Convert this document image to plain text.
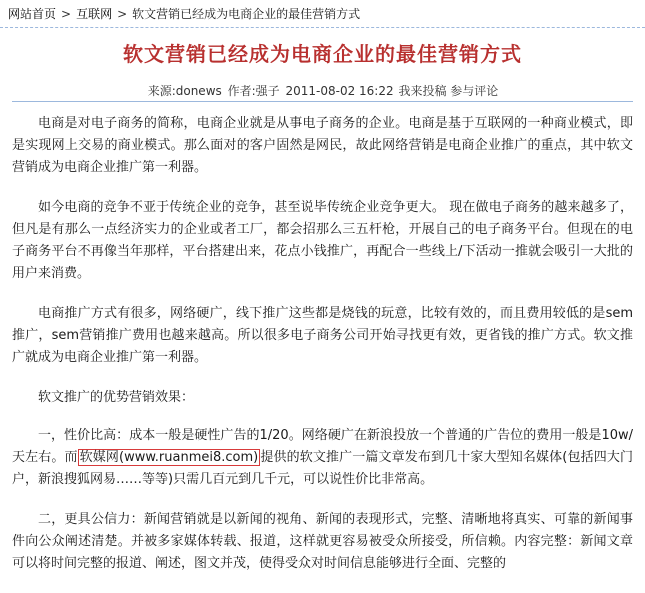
网站首页 > 互联网 > 软文营销已经成为电商企业的最佳营销方式
软文营销已经成为电商企业的最佳营销方式
来源:donews 作者:强子 2011-08-02 16:22 我来投稿 参与评论

电商是对电子商务的简称，电商企业就是从事电子商务的企业。电商是基于互联网的一种商业模式，即是实现网上交易的商业模式。那么面对的客户固然是网民，故此网络营销是电商企业推广的重点，其中软文营销成为电商企业推广第一利器。

如今电商的竞争不亚于传统企业的竞争，甚至说毕传统企业竞争更大。 现在做电子商务的越来越多了，但凡是有那么一点经济实力的企业或者工厂，都会招那么三五杆枪，开展自己的电子商务平台。但现在的电子商务平台不再像当年那样，平台搭建出来，花点小钱推广，再配合一些线上/下活动一推就会吸引一大批的用户来消费。

电商推广方式有很多，网络硬广，线下推广这些都是烧钱的玩意，比较有效的，而且费用较低的是sem推广，sem营销推广费用也越来越高。所以很多电子商务公司开始寻找更有效，更省钱的推广方式。软文推广就成为电商企业推广第一利器。

软文推广的优势营销效果：

一，性价比高：成本一般是硬性广告的1/20。网络硬广在新浪投放一个普通的广告位的费用一般是10w/天左右。而 软媒网(www.ruanmei8.com) 提供的软文推广一篇文章发布到几十家大型知名媒体(包括四大门户，新浪搜狐网易……等等)只需几百元到几千元，可以说性价比非常高。

二，更具公信力：新闻营销就是以新闻的视角、新闻的表现形式，完整、清晰地将真实、可靠的新闻事件向公众阐述清楚。并被多家媒体转载、报道，这样就更容易被受众所接受，所信赖。内容完整：新闻文章可以将时间完整的报道、阐述，图文并茂，使得受众对时间信息能够进行全面、完整的
